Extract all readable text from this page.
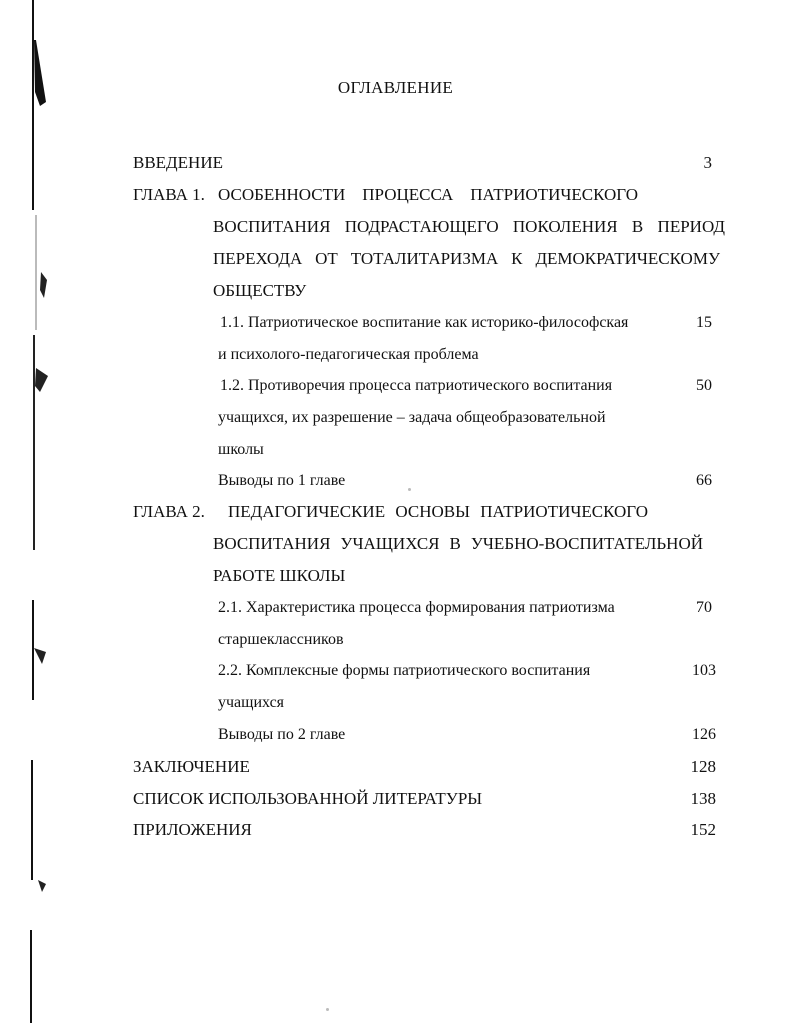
ОГЛАВЛЕНИЕ
ВВЕДЕНИЕ	3
ГЛАВА 1. ОСОБЕННОСТИ ПРОЦЕССА ПАТРИОТИЧЕСКОГО
ВОСПИТАНИЯ ПОДРАСТАЮЩЕГО ПОКОЛЕНИЯ В ПЕРИОД
ПЕРЕХОДА ОТ ТОТАЛИТАРИЗМА К ДЕМОКРАТИЧЕСКОМУ
ОБЩЕСТВУ
1.1. Патриотическое воспитание как историко-философская	15
и психолого-педагогическая проблема
1.2. Противоречия процесса патриотического воспитания	50
учащихся, их разрешение – задача общеобразовательной
школы
Выводы по 1 главе	66
ГЛАВА 2. ПЕДАГОГИЧЕСКИЕ ОСНОВЫ ПАТРИОТИЧЕСКОГО
ВОСПИТАНИЯ УЧАЩИХСЯ В УЧЕБНО-ВОСПИТАТЕЛЬНОЙ
РАБОТЕ ШКОЛЫ
2.1. Характеристика процесса формирования патриотизма	70
старшеклассников
2.2. Комплексные формы патриотического воспитания	103
учащихся
Выводы по 2 главе	126
ЗАКЛЮЧЕНИЕ	128
СПИСОК ИСПОЛЬЗОВАННОЙ ЛИТЕРАТУРЫ	138
ПРИЛОЖЕНИЯ	152
